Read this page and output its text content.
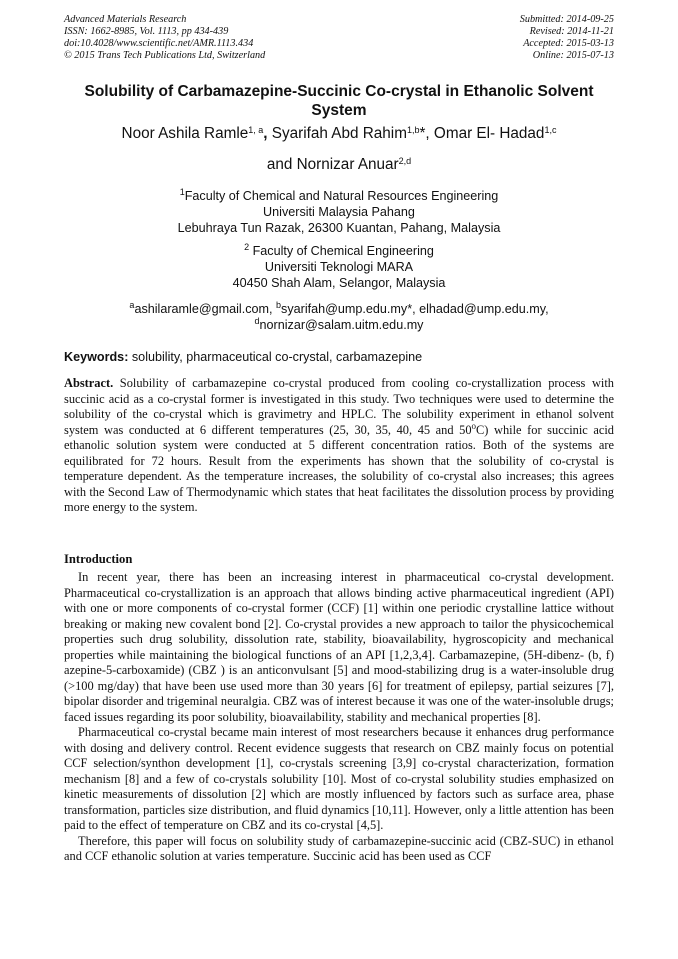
Advanced Materials Research
ISSN: 1662-8985, Vol. 1113, pp 434-439
doi:10.4028/www.scientific.net/AMR.1113.434
© 2015 Trans Tech Publications Ltd, Switzerland
Submitted: 2014-09-25
Revised: 2014-11-21
Accepted: 2015-03-13
Online: 2015-07-13
Solubility of Carbamazepine-Succinic Co-crystal in Ethanolic Solvent System
Noor Ashila Ramle$^{1, a}$, Syarifah Abd Rahim$^{1,b}$*, Omar El- Hadad$^{1,c}$
and Nornizar Anuar$^{2,d}$
$^1$Faculty of Chemical and Natural Resources Engineering
Universiti Malaysia Pahang
Lebuhraya Tun Razak, 26300 Kuantan, Pahang, Malaysia
$^2$ Faculty of Chemical Engineering
Universiti Teknologi MARA
40450 Shah Alam, Selangor, Malaysia
$^a$ashilaramle@gmail.com, $^b$syarifah@ump.edu.my*, elhadad@ump.edu.my,
$^d$nornizar@salam.uitm.edu.my
Keywords: solubility, pharmaceutical co-crystal, carbamazepine
Abstract. Solubility of carbamazepine co-crystal produced from cooling co-crystallization process with succinic acid as a co-crystal former is investigated in this study. Two techniques were used to determine the solubility of the co-crystal which is gravimetry and HPLC. The solubility experiment in ethanol solvent system was conducted at 6 different temperatures (25, 30, 35, 40, 45 and 50$^o$C) while for succinic acid ethanolic solution system were conducted at 5 different concentration ratios. Both of the systems are equilibrated for 72 hours. Result from the experiments has shown that the solubility of co-crystal is temperature dependent. As the temperature increases, the solubility of co-crystal also increases; this agrees with the Second Law of Thermodynamic which states that heat facilitates the dissolution process by providing more energy to the system.
Introduction

In recent year, there has been an increasing interest in pharmaceutical co-crystal development. Pharmaceutical co-crystallization is an approach that allows binding active pharmaceutical ingredient (API) with one or more components of co-crystal former (CCF) [1] within one periodic crystalline lattice without breaking or making new covalent bond [2]. Co-crystal provides a new approach to tailor the physicochemical properties such drug solubility, dissolution rate, stability, bioavailability, hygroscopicity and mechanical properties while maintaining the biological functions of an API [1,2,3,4]. Carbamazepine, (5H-dibenz- (b, f) azepine-5-carboxamide) (CBZ ) is an anticonvulsant [5] and mood-stabilizing drug is a water-insoluble drug (>100 mg/day) that have been use used more than 30 years [6] for treatment of epilepsy, partial seizures [7], bipolar disorder and trigeminal neuralgia. CBZ was of interest because it was one of the water-insoluble drugs; faced issues regarding its poor solubility, bioavailability, stability and mechanical properties [8].

Pharmaceutical co-crystal became main interest of most researchers because it enhances drug performance with dosing and delivery control. Recent evidence suggests that research on CBZ mainly focus on potential CCF selection/synthon development [1], co-crystals screening [3,9] co-crystal characterization, formation mechanism [8] and a few of co-crystals solubility [10]. Most of co-crystal solubility studies emphasized on kinetic measurements of dissolution [2] which are mostly influenced by factors such as surface area, phase transformation, particles size distribution, and fluid dynamics [10,11]. However, only a little attention has been paid to the effect of temperature on CBZ and its co-crystal [4,5].

Therefore, this paper will focus on solubility study of carbamazepine-succinic acid (CBZ-SUC) in ethanol and CCF ethanolic solution at varies temperature. Succinic acid has been used as CCF
